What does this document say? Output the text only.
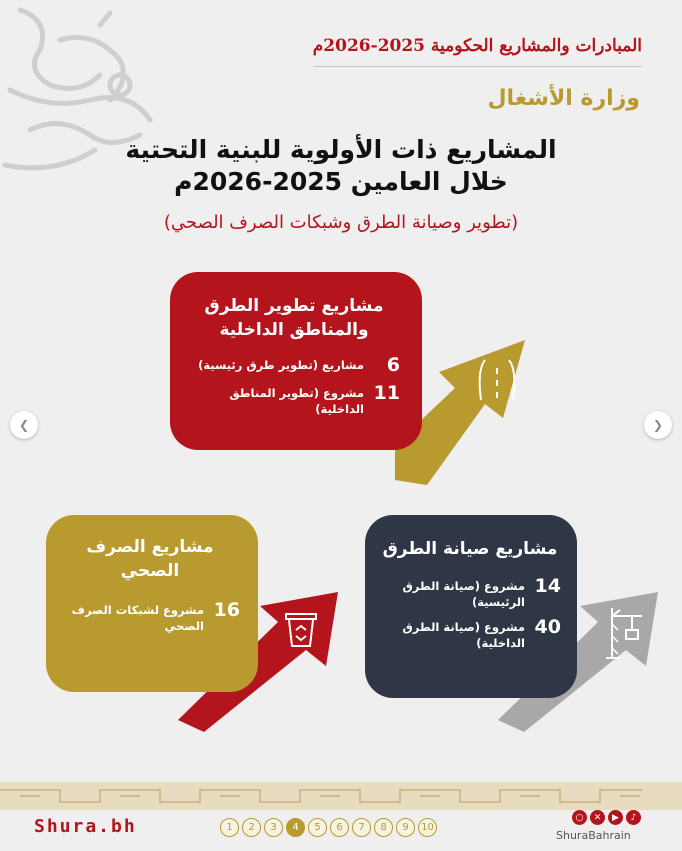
المبادرات والمشاريع الحكومية 2025-2026م
وزارة الأشغال
المشاريع ذات الأولوية للبنية التحتية
خلال العامين 2025-2026م
(تطوير وصيانة الطرق وشبكات الصرف الصحي)
مشاريع تطوير الطرق
والمناطق الداخلية
6
مشاريع (تطوير طرق رئيسية)
11
مشروع (تطوير المناطق الداخلية)
مشاريع الصرف
الصحي
16
مشروع لشبكات الصرف
الصحي
مشاريع صيانة الطرق
14
مشروع (صيانة الطرق
الرئيسية)
40
مشروع (صيانة الطرق
الداخلية)
❮	❯
Shura.bh	1	2	3	4	5	6	7	8	9	10
○	✕	▶	♪
ShuraBahrain
